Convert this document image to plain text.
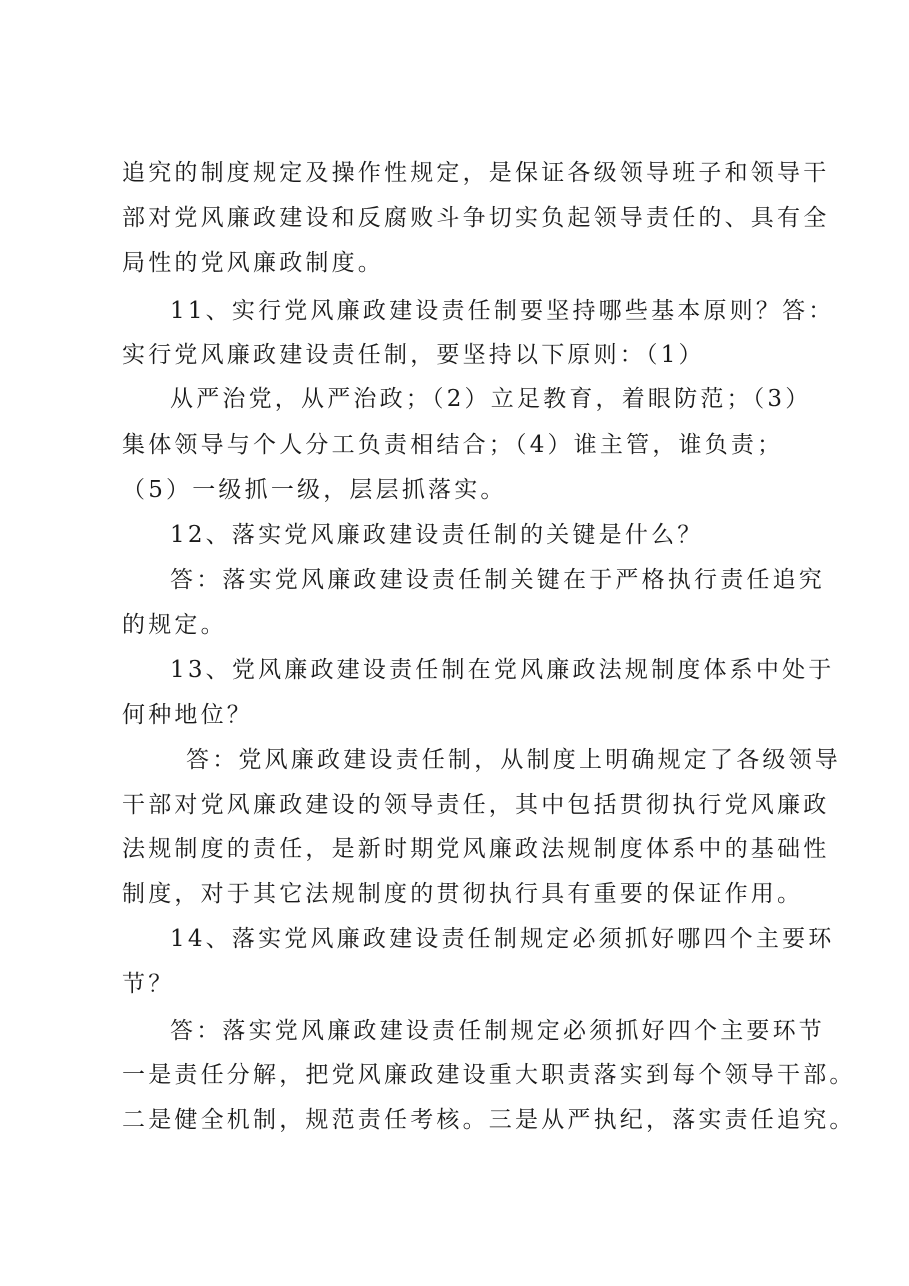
追究的制度规定及操作性规定，是保证各级领导班子和领导干
部对党风廉政建设和反腐败斗争切实负起领导责任的、具有全
局性的党风廉政制度。
11、实行党风廉政建设责任制要坚持哪些基本原则？答：
实行党风廉政建设责任制，要坚持以下原则：（1）
从严治党，从严治政；（2）立足教育，着眼防范；（3）
集体领导与个人分工负责相结合；（4）谁主管，谁负责；
（5）一级抓一级，层层抓落实。
12、落实党风廉政建设责任制的关键是什么？
答：落实党风廉政建设责任制关键在于严格执行责任追究
的规定。
13、党风廉政建设责任制在党风廉政法规制度体系中处于
何种地位？
答：党风廉政建设责任制，从制度上明确规定了各级领导
干部对党风廉政建设的领导责任，其中包括贯彻执行党风廉政
法规制度的责任，是新时期党风廉政法规制度体系中的基础性
制度，对于其它法规制度的贯彻执行具有重要的保证作用。
14、落实党风廉政建设责任制规定必须抓好哪四个主要环
节？
答：落实党风廉政建设责任制规定必须抓好四个主要环节
一是责任分解，把党风廉政建设重大职责落实到每个领导干部。
二是健全机制，规范责任考核。三是从严执纪，落实责任追究。
